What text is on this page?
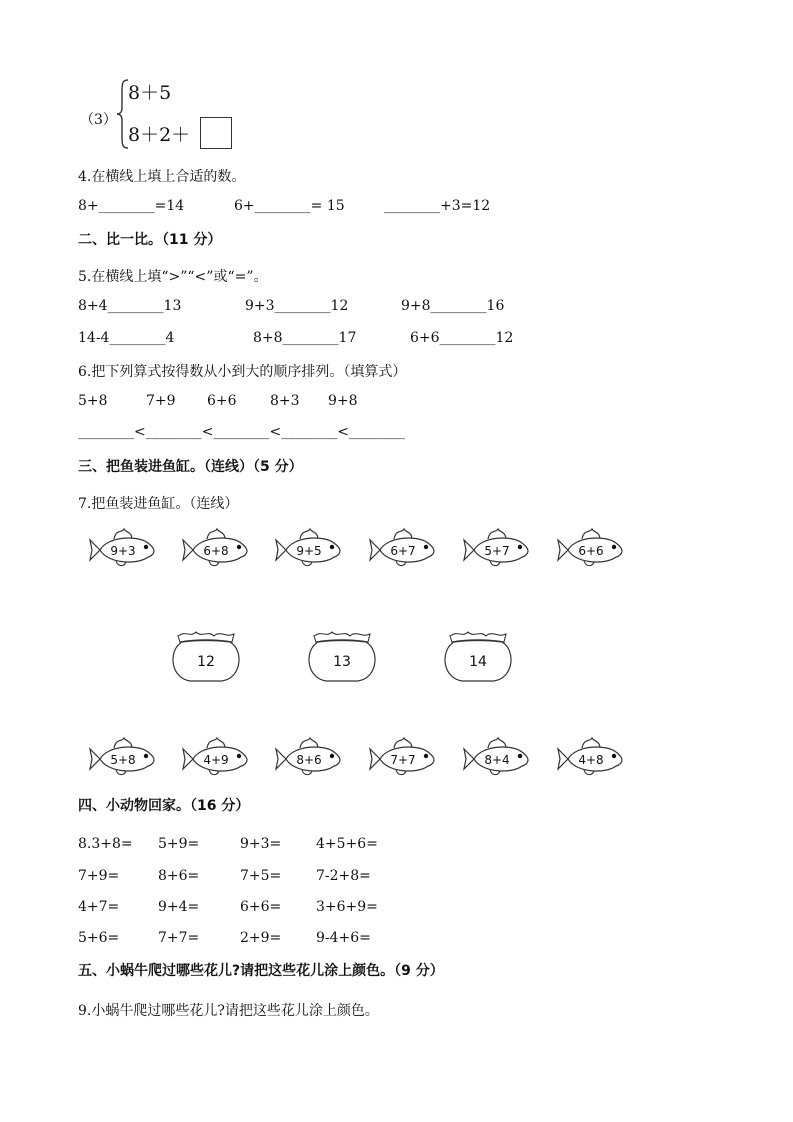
（3）
8＋5
8＋2＋
4.在横线上填上合适的数。
8+________=14	6+________= 15	________+3=12
二、比一比。（11 分）
5.在横线上填“>”“<”或“=”。
8+4________13	9+3________12	9+8________16
14-4________4	8+8________17	6+6________12
6.把下列算式按得数从小到大的顺序排列。（填算式）
5+8	7+9 6+6 8+3 9+8
________<________<________<________<________
三、把鱼装进鱼缸。（连线）（5 分）
7.把鱼装进鱼缸。（连线）
9+3	6+8	9+5	6+7	5+7	6+6
12	13	14
5+8	4+9	8+6	7+7	8+4	4+8
四、小动物回家。（16 分）
8.3+8= 5+9=	9+3= 4+5+6=
7+9=	8+6=	7+5= 7-2+8=
4+7=	9+4=	6+6= 3+6+9=
5+6=	7+7=	2+9= 9-4+6=
五、小蜗牛爬过哪些花儿?请把这些花儿涂上颜色。（9 分）
9.小蜗牛爬过哪些花儿?请把这些花儿涂上颜色。
